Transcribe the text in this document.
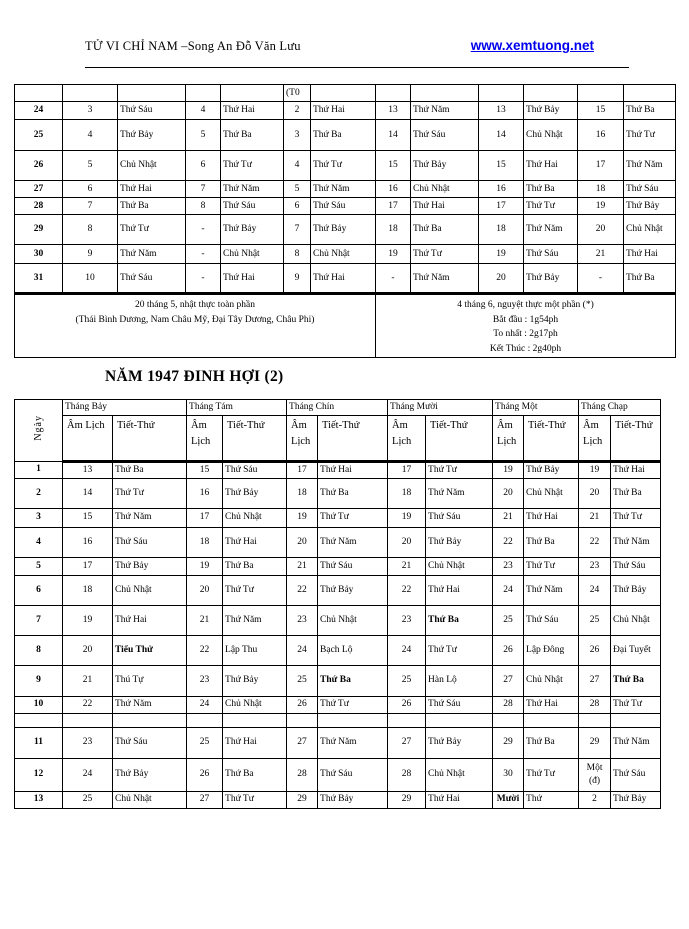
TỬ VI CHỈ NAM –Song An Đỗ Văn Lưu	www.xemtuong.net
					(T0							
24	3	Thứ Sáu	4	Thứ Hai	2	Thứ Hai	13	Thứ Năm	13	Thứ Bảy	15	Thứ Ba
25	4	Thứ Bảy	5	Thứ Ba	3	Thứ Ba	14	Thứ Sáu	14	Chủ Nhật	16	Thứ Tư
26	5	Chủ Nhật	6	Thứ Tư	4	Thứ Tư	15	Thứ Bảy	15	Thứ Hai	17	Thứ Năm
27	6	Thứ Hai	7	Thứ Năm	5	Thứ Năm	16	Chủ Nhật	16	Thứ Ba	18	Thứ Sáu
28	7	Thứ Ba	8	Thứ Sáu	6	Thứ Sáu	17	Thứ Hai	17	Thứ Tư	19	Thứ Bảy
29	8	Thứ Tư	-	Thứ Bảy	7	Thứ Bảy	18	Thứ Ba	18	Thứ Năm	20	Chủ Nhật
30	9	Thứ Năm	-	Chủ Nhật	8	Chủ Nhật	19	Thứ Tư	19	Thứ Sáu	21	Thứ Hai
31	10	Thứ Sáu	-	Thứ Hai	9	Thứ Hai	-	Thứ Năm	20	Thứ Bảy	-	Thứ Ba

20 tháng 5, nhật thực toàn phần
(Thái Bình Dương, Nam Châu Mỹ, Đại Tây Dương, Châu Phi)

4 tháng 6, nguyệt thực một phần (*)
Bắt đầu : 1g54ph
To nhất : 2g17ph
Kết Thúc : 2g40ph
NĂM 1947 ĐINH HỢI (2)
Ngày	Tháng Bảy		Tháng Tám		Tháng Chín		Tháng Mười		Tháng Một		Tháng Chạp	
	Âm Lịch	Tiết-Thứ	Âm Lịch	Tiết-Thứ	Âm Lịch	Tiết-Thứ	Âm Lịch	Tiết-Thứ	Âm Lịch	Tiết-Thứ	Âm Lịch	Tiết-Thứ
1	13	Thứ Ba	15	Thứ Sáu	17	Thứ Hai	17	Thứ Tư	19	Thứ Bảy	19	Thứ Hai
2	14	Thứ Tư	16	Thứ Bảy	18	Thứ Ba	18	Thứ Năm	20	Chủ Nhật	20	Thứ Ba
3	15	Thứ Năm	17	Chủ Nhật	19	Thứ Tư	19	Thứ Sáu	21	Thứ Hai	21	Thứ Tư
4	16	Thứ Sáu	18	Thứ Hai	20	Thứ Năm	20	Thứ Bảy	22	Thứ Ba	22	Thứ Năm
5	17	Thứ Bảy	19	Thứ Ba	21	Thứ Sáu	21	Chủ Nhật	23	Thứ Tư	23	Thứ Sáu
6	18	Chủ Nhật	20	Thứ Tư	22	Thứ Bảy	22	Thứ Hai	24	Thứ Năm	24	Thứ Bảy
7	19	Thứ Hai	21	Thứ Năm	23	Chủ Nhật	23	Thứ Ba	25	Thứ Sáu	25	Chủ Nhật
8	20	Tiểu Thử	22	Lập Thu	24	Bạch Lộ	24	Thứ Tư	26	Lập Đông	26	Đại Tuyết
9	21	Thú Tự	23	Thứ Bảy	25	Thứ Ba	25	Hàn Lộ	27	Chủ Nhật	27	Thứ Ba
10	22	Thứ Năm	24	Chủ Nhật	26	Thứ Tư	26	Thứ Sáu	28	Thứ Hai	28	Thứ Tư

11	23	Thứ Sáu	25	Thứ Hai	27	Thứ Năm	27	Thứ Bảy	29	Thứ Ba	29	Thứ Năm
12	24	Thứ Bảy	26	Thứ Ba	28	Thứ Sáu	28	Chủ Nhật	30	Thứ Tư	Một (đ)	Thứ Sáu
13	25	Chủ Nhật	27	Thứ Tư	29	Thứ Bảy	29	Thứ Hai	Mười	Thứ	2	Thứ Bảy
